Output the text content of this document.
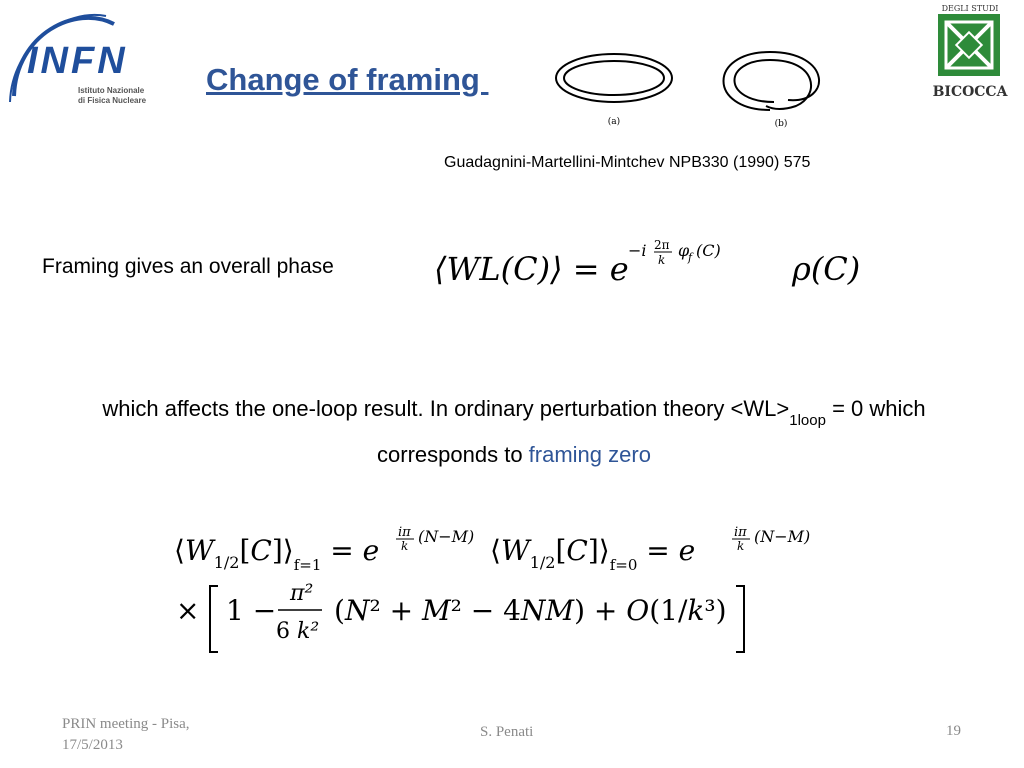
INFN
Istituto Nazionale
di Fisica Nucleare
Change of framing
(a)	(b)
DEGLI STUDI
BICOCCA
Guadagnini-Martellini-Mintchev NPB330 (1990) 575
Framing gives an overall phase	⟨WL(C)⟩ = e −i 2π
k φ
f (C) ρ(C)
which affects the one-loop result. In ordinary perturbation theory $<WL>_{1loop} = 0$ which
corresponds to framing zero
$⟨W_{1/2}[C]⟩_{f=1} = e$
iπ
k (N−M) $⟨W_{1/2}[C]⟩_{f=0} = e$
iπ
k (N−M)
× 1 −
π²
6 k²
(N² + M² − 4NM) + O(1/k³)
PRIN meeting - Pisa, 17/5/2013
S. Penati	19
